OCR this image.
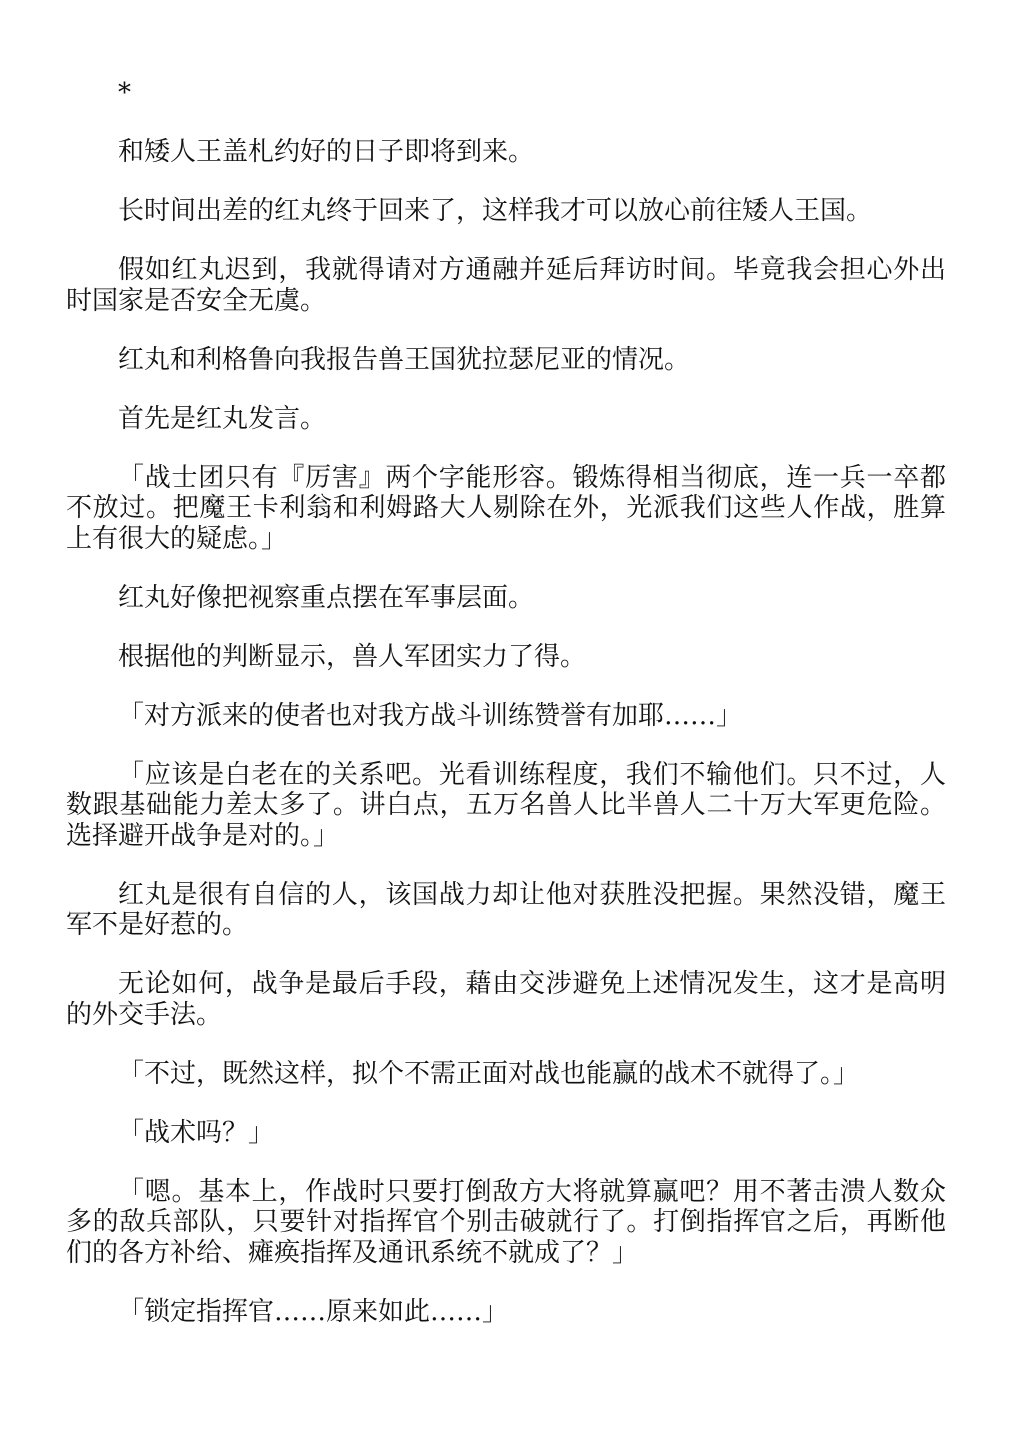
*

和矮人王盖札约好的日子即将到来。

长时间出差的红丸终于回来了，这样我才可以放心前往矮人王国。

假如红丸迟到，我就得请对方通融并延后拜访时间。毕竟我会担心外出时国家是否安全无虞。

红丸和利格鲁向我报告兽王国犹拉瑟尼亚的情况。

首先是红丸发言。

「战士团只有『厉害』两个字能形容。锻炼得相当彻底，连一兵一卒都不放过。把魔王卡利翁和利姆路大人剔除在外，光派我们这些人作战，胜算上有很大的疑虑。」

红丸好像把视察重点摆在军事层面。

根据他的判断显示，兽人军团实力了得。

「对方派来的使者也对我方战斗训练赞誉有加耶……」

「应该是白老在的关系吧。光看训练程度，我们不输他们。只不过，人数跟基础能力差太多了。讲白点，五万名兽人比半兽人二十万大军更危险。选择避开战争是对的。」

红丸是很有自信的人，该国战力却让他对获胜没把握。果然没错，魔王军不是好惹的。

无论如何，战争是最后手段，藉由交涉避免上述情况发生，这才是高明的外交手法。

「不过，既然这样，拟个不需正面对战也能赢的战术不就得了。」

「战术吗？」

「嗯。基本上，作战时只要打倒敌方大将就算赢吧？用不著击溃人数众多的敌兵部队，只要针对指挥官个别击破就行了。打倒指挥官之后，再断他们的各方补给、瘫痪指挥及通讯系统不就成了？」

「锁定指挥官……原来如此……」
